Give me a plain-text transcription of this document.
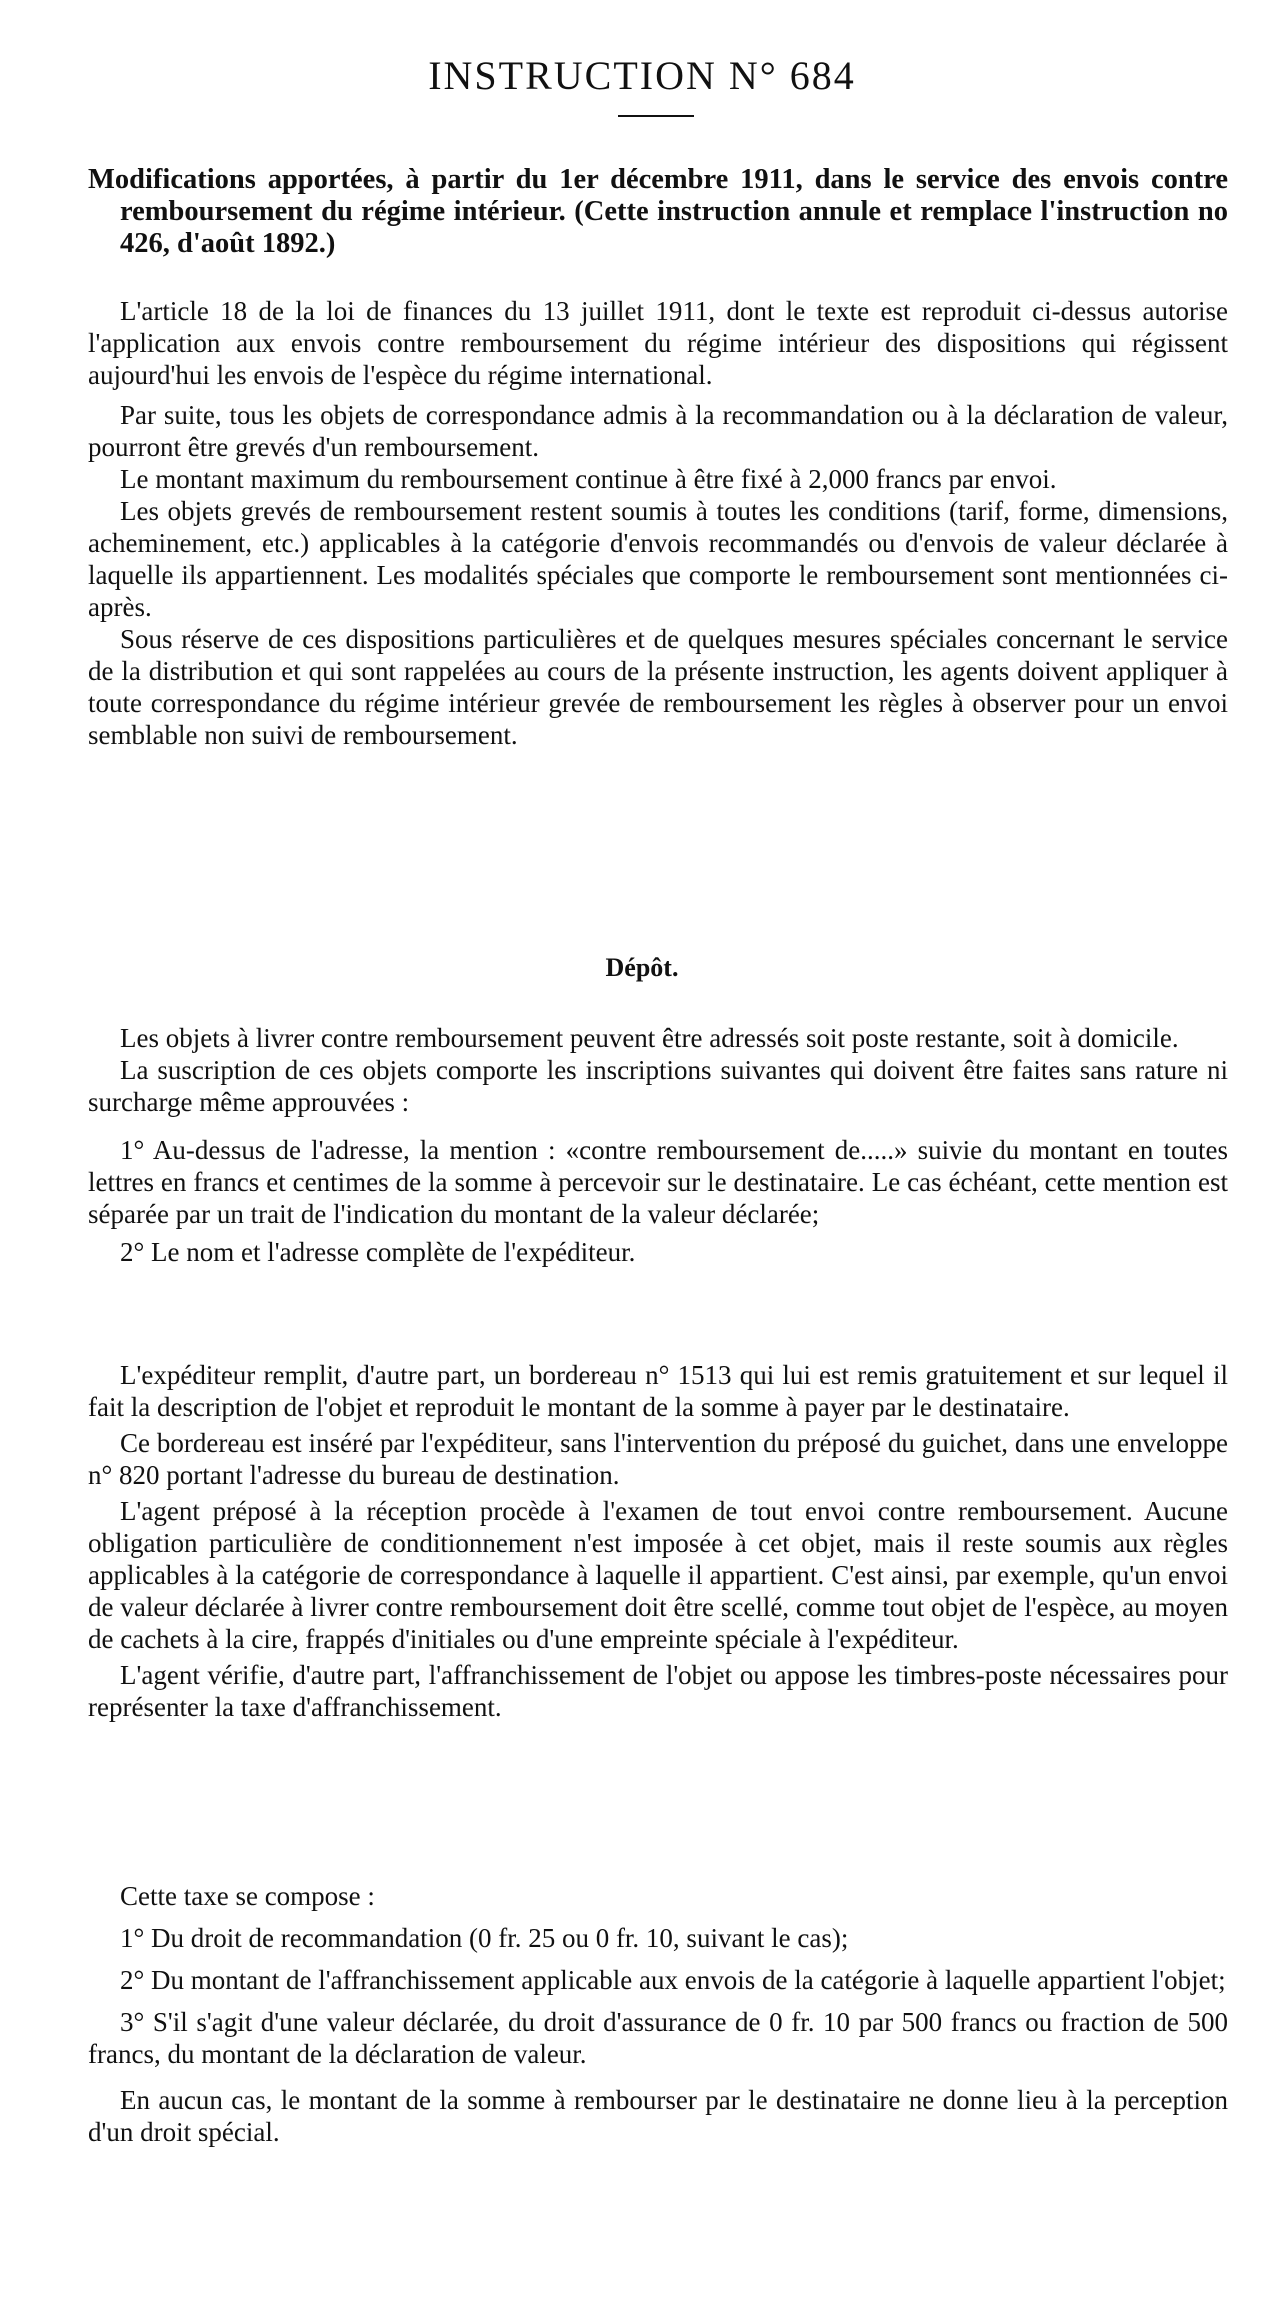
INSTRUCTION N° 684
Modifications apportées, à partir du 1er décembre 1911, dans le service des envois contre remboursement du régime intérieur. (Cette instruction annule et remplace l'instruction no 426, d'août 1892.)

L'article 18 de la loi de finances du 13 juillet 1911, dont le texte est reproduit ci-dessus autorise l'application aux envois contre remboursement du régime intérieur des dispositions qui régissent aujourd'hui les envois de l'espèce du régime international.

Par suite, tous les objets de correspondance admis à la recommandation ou à la déclaration de valeur, pourront être grevés d'un remboursement.

Le montant maximum du remboursement continue à être fixé à 2,000 francs par envoi.

Les objets grevés de remboursement restent soumis à toutes les conditions (tarif, forme, dimensions, acheminement, etc.) applicables à la catégorie d'envois recommandés ou d'envois de valeur déclarée à laquelle ils appartiennent. Les modalités spéciales que comporte le remboursement sont mentionnées ci-après.

Sous réserve de ces dispositions particulières et de quelques mesures spéciales concernant le service de la distribution et qui sont rappelées au cours de la présente instruction, les agents doivent appliquer à toute correspondance du régime intérieur grevée de remboursement les règles à observer pour un envoi semblable non suivi de remboursement.

Dépôt.

Les objets à livrer contre remboursement peuvent être adressés soit poste restante, soit à domicile.

La suscription de ces objets comporte les inscriptions suivantes qui doivent être faites sans rature ni surcharge même approuvées :

1° Au-dessus de l'adresse, la mention : «contre remboursement de.....» suivie du montant en toutes lettres en francs et centimes de la somme à percevoir sur le destinataire. Le cas échéant, cette mention est séparée par un trait de l'indication du montant de la valeur déclarée;

2° Le nom et l'adresse complète de l'expéditeur.

L'expéditeur remplit, d'autre part, un bordereau n° 1513 qui lui est remis gratuitement et sur lequel il fait la description de l'objet et reproduit le montant de la somme à payer par le destinataire.

Ce bordereau est inséré par l'expéditeur, sans l'intervention du préposé du guichet, dans une enveloppe n° 820 portant l'adresse du bureau de destination.

L'agent préposé à la réception procède à l'examen de tout envoi contre remboursement. Aucune obligation particulière de conditionnement n'est imposée à cet objet, mais il reste soumis aux règles applicables à la catégorie de correspondance à laquelle il appartient. C'est ainsi, par exemple, qu'un envoi de valeur déclarée à livrer contre remboursement doit être scellé, comme tout objet de l'espèce, au moyen de cachets à la cire, frappés d'initiales ou d'une empreinte spéciale à l'expéditeur.

L'agent vérifie, d'autre part, l'affranchissement de l'objet ou appose les timbres-poste nécessaires pour représenter la taxe d'affranchissement.

Cette taxe se compose :

1° Du droit de recommandation (0 fr. 25 ou 0 fr. 10, suivant le cas);

2° Du montant de l'affranchissement applicable aux envois de la catégorie à laquelle appartient l'objet;

3° S'il s'agit d'une valeur déclarée, du droit d'assurance de 0 fr. 10 par 500 francs ou fraction de 500 francs, du montant de la déclaration de valeur.

En aucun cas, le montant de la somme à rembourser par le destinataire ne donne lieu à la perception d'un droit spécial.
